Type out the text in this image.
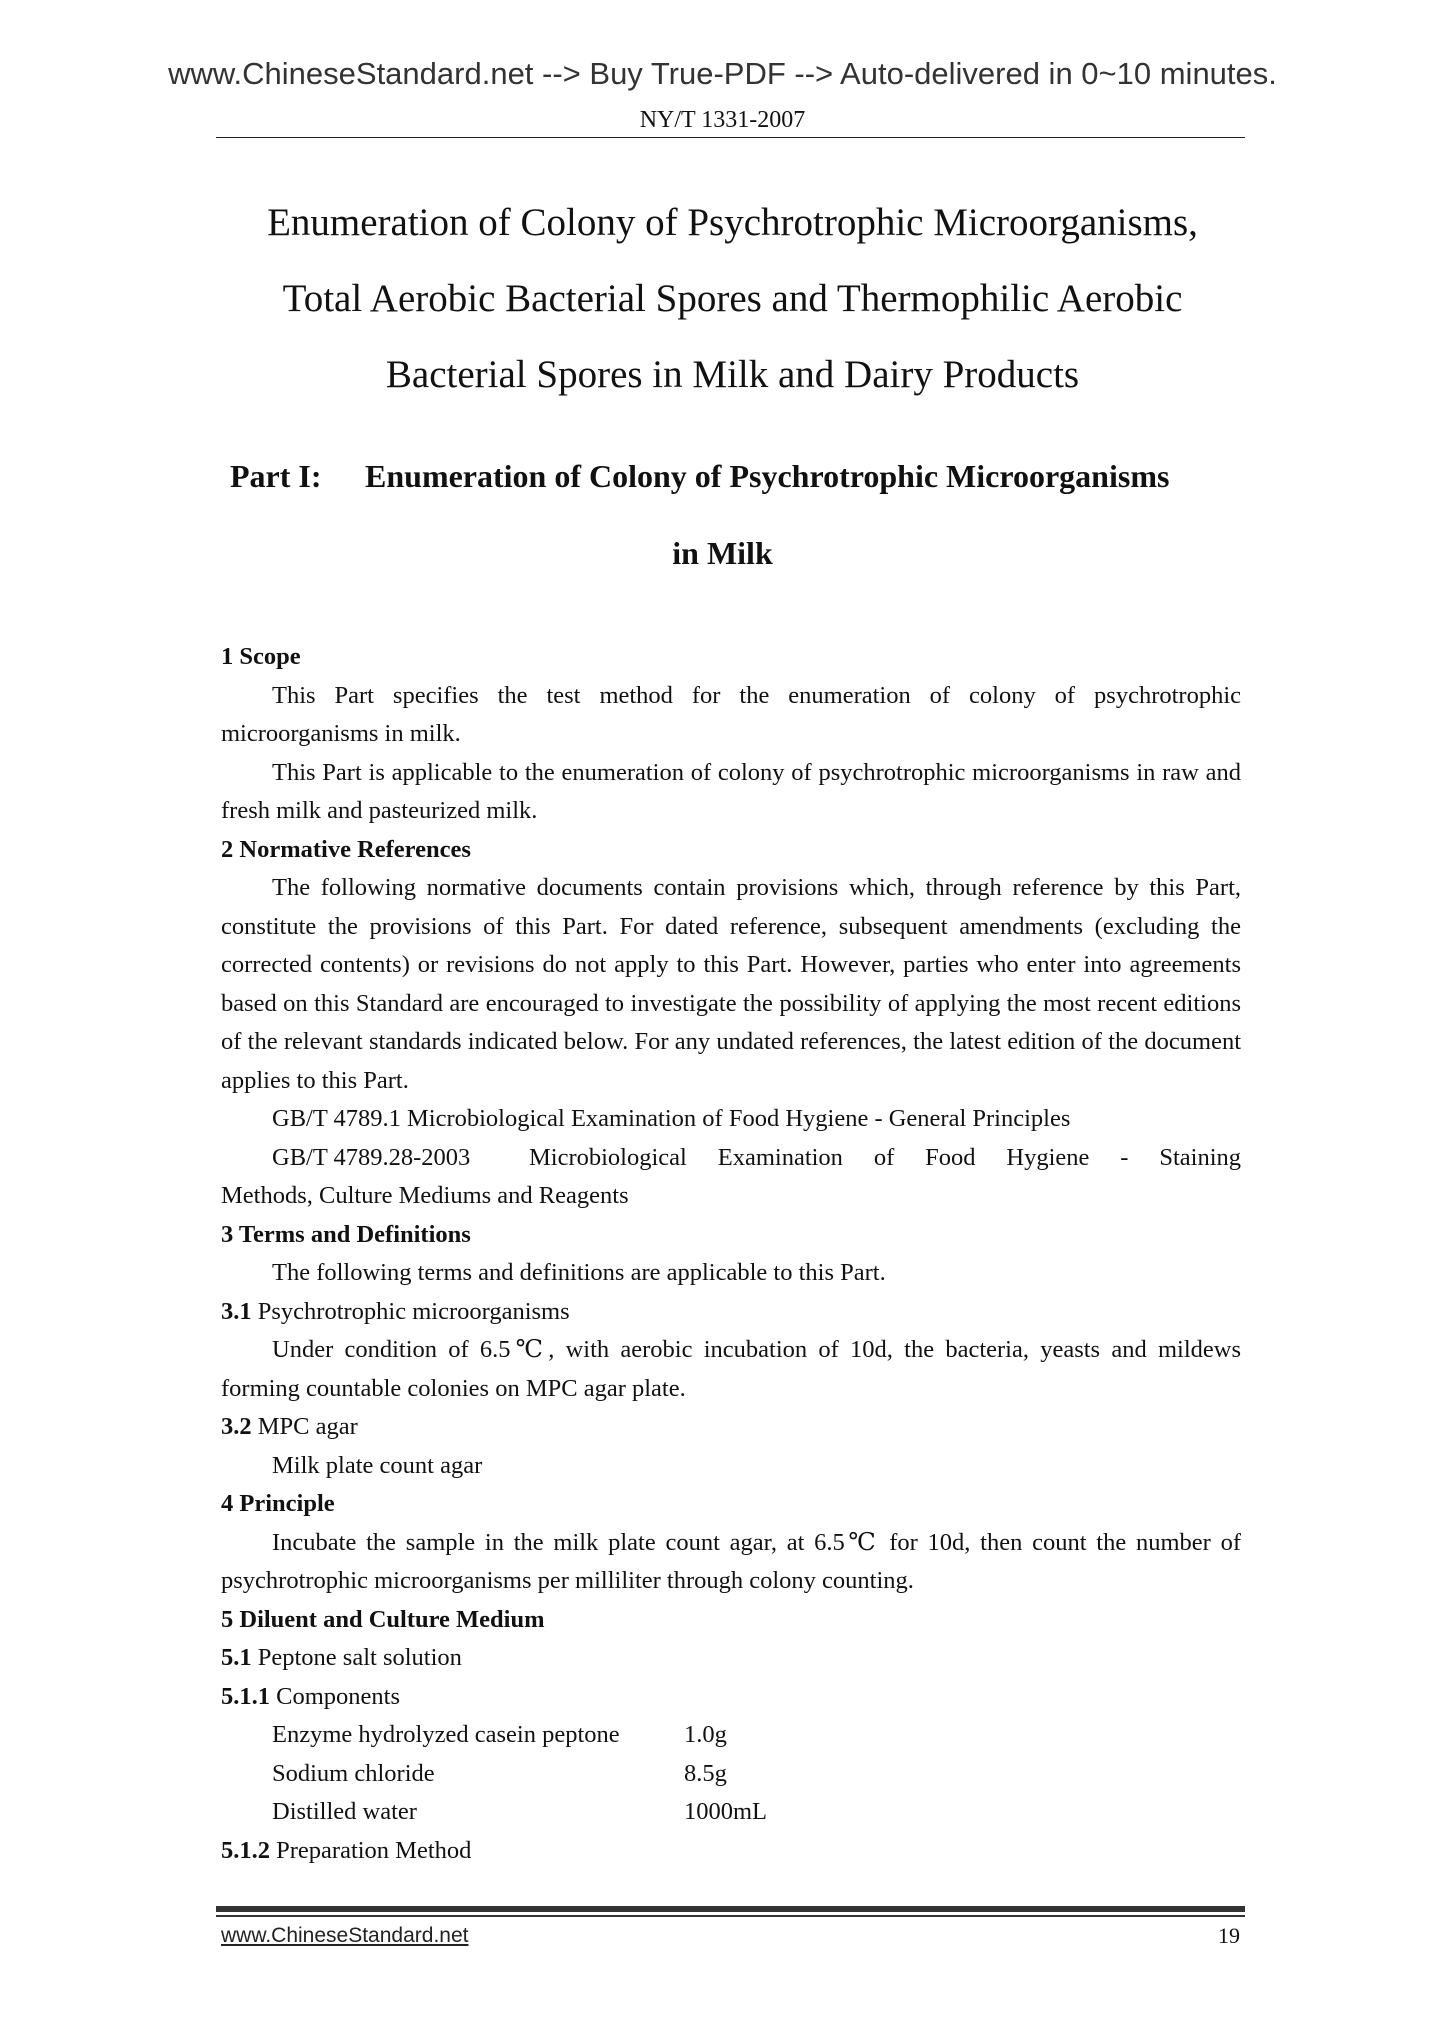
www.ChineseStandard.net --> Buy True-PDF --> Auto-delivered in 0~10 minutes.
NY/T 1331-2007
Enumeration of Colony of Psychrotrophic Microorganisms,
Total Aerobic Bacterial Spores and Thermophilic Aerobic
Bacterial Spores in Milk and Dairy Products
Part I: Enumeration of Colony of Psychrotrophic Microorganisms
in Milk

1 Scope

This Part specifies the test method for the enumeration of colony of psychrotrophic microorganisms in milk.

This Part is applicable to the enumeration of colony of psychrotrophic microorganisms in raw and fresh milk and pasteurized milk.

2 Normative References

The following normative documents contain provisions which, through reference by this Part, constitute the provisions of this Part. For dated reference, subsequent amendments (excluding the corrected contents) or revisions do not apply to this Part. However, parties who enter into agreements based on this Standard are encouraged to investigate the possibility of applying the most recent editions of the relevant standards indicated below. For any undated references, the latest edition of the document applies to this Part.

GB/T 4789.1 Microbiological Examination of Food Hygiene - General Principles

GB/T 4789.28-2003	Microbiological Examination of Food Hygiene - Staining

Methods, Culture Mediums and Reagents

3 Terms and Definitions

The following terms and definitions are applicable to this Part.

3.1 Psychrotrophic microorganisms

Under condition of 6.5℃, with aerobic incubation of 10d, the bacteria, yeasts and mildews forming countable colonies on MPC agar plate.

3.2 MPC agar

Milk plate count agar

4 Principle

Incubate the sample in the milk plate count agar, at 6.5℃ for 10d, then count the number of psychrotrophic microorganisms per milliliter through colony counting.

5 Diluent and Culture Medium

5.1 Peptone salt solution

5.1.1 Components

Enzyme hydrolyzed casein peptone	1.0g
Sodium chloride	8.5g
Distilled water	1000mL

5.1.2 Preparation Method

www.ChineseStandard.net	19
